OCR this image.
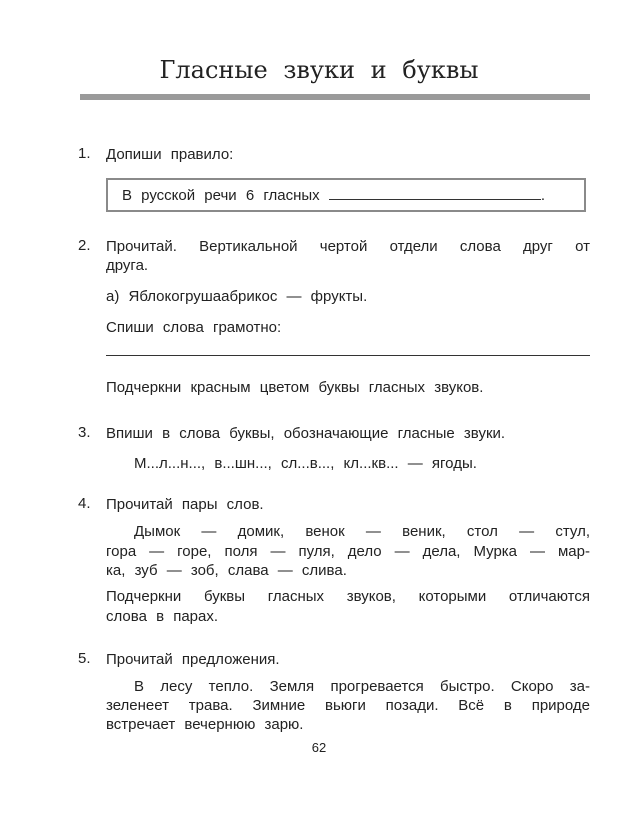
Гласные звуки и буквы
1. Допиши правило:
В русской речи 6 гласных	.
2. Прочитай. Вертикальной чертой отдели слова друг от
друга.
а) Яблокогрушаабрикос — фрукты.
Спиши слова грамотно:
Подчеркни красным цветом буквы гласных звуков.
3. Впиши в слова буквы, обозначающие гласные звуки.
М...л...н..., в...шн..., сл...в..., кл...кв... — ягоды.
4. Прочитай пары слов.
Дымок — домик, венок — веник, стол — стул,
гора — горе, поля — пуля, дело — дела, Мурка — мар-
ка, зуб — зоб, слава — слива.
Подчеркни буквы гласных звуков, которыми отличаются
слова в парах.
5. Прочитай предложения.
В лесу тепло. Земля прогревается быстро. Скоро за-
зеленеет трава. Зимние вьюги позади. Всё в природе
встречает вечернюю зарю.
62
